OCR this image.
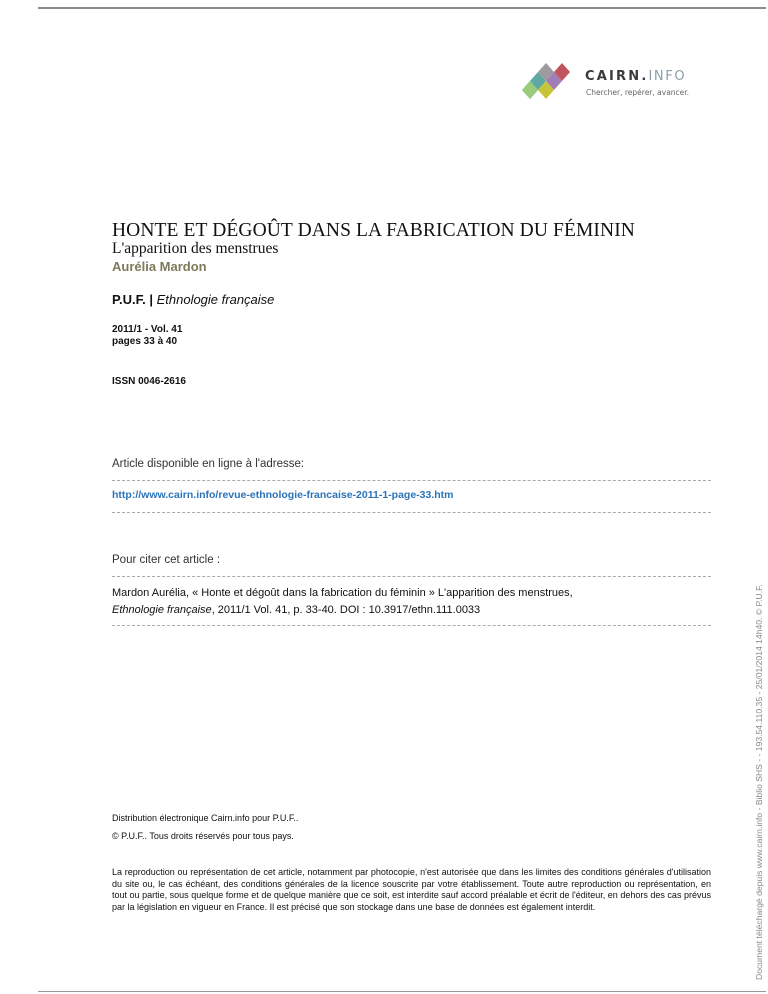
CAIRN.INFO
Chercher, repérer, avancer.
HONTE ET DÉGOÛT DANS LA FABRICATION DU FÉMININ
L'apparition des menstrues
Aurélia Mardon
P.U.F. | Ethnologie française
2011/1 - Vol. 41
pages 33 à 40
ISSN 0046-2616
Article disponible en ligne à l'adresse:
http://www.cairn.info/revue-ethnologie-francaise-2011-1-page-33.htm
Pour citer cet article :
Mardon Aurélia, « Honte et dégoût dans la fabrication du féminin » L'apparition des menstrues,
Ethnologie française, 2011/1 Vol. 41, p. 33-40. DOI : 10.3917/ethn.111.0033
Distribution électronique Cairn.info pour P.U.F..
© P.U.F.. Tous droits réservés pour tous pays.
La reproduction ou représentation de cet article, notamment par photocopie, n'est autorisée que dans les limites des conditions générales d'utilisation du site ou, le cas échéant, des conditions générales de la licence souscrite par votre établissement. Toute autre reproduction ou représentation, en tout ou partie, sous quelque forme et de quelque manière que ce soit, est interdite sauf accord préalable et écrit de l'éditeur, en dehors des cas prévus par la législation en vigueur en France. Il est précisé que son stockage dans une base de données est également interdit.	Document téléchargé depuis www.cairn.info - Biblio SHS - - 193.54.110.35 - 25/01/2014 14h40. © P.U.F.
